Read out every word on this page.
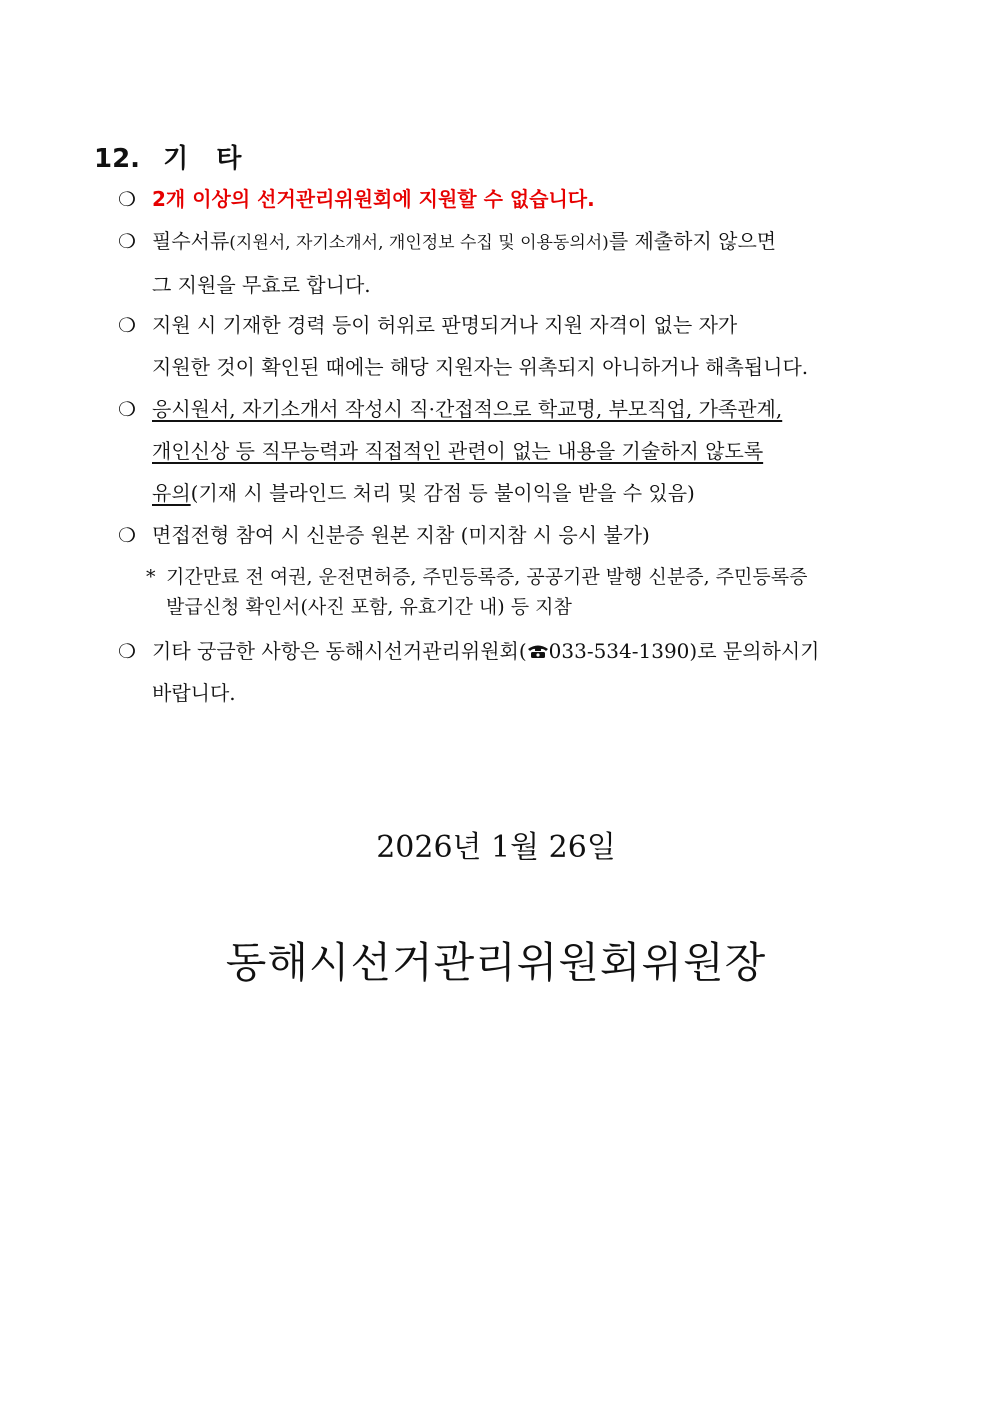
12. 기 타
❍ 2개 이상의 선거관리위원회에 지원할 수 없습니다.
❍ 필수서류(지원서, 자기소개서, 개인정보 수집 및 이용동의서)를 제출하지 않으면
그 지원을 무효로 합니다.
❍ 지원 시 기재한 경력 등이 허위로 판명되거나 지원 자격이 없는 자가
지원한 것이 확인된 때에는 해당 지원자는 위촉되지 아니하거나 해촉됩니다.
❍ 응시원서, 자기소개서 작성시 직·간접적으로 학교명, 부모직업, 가족관계,
개인신상 등 직무능력과 직접적인 관련이 없는 내용을 기술하지 않도록
유의(기재 시 블라인드 처리 및 감점 등 불이익을 받을 수 있음)
❍ 면접전형 참여 시 신분증 원본 지참 (미지참 시 응시 불가)
* 기간만료 전 여권, 운전면허증, 주민등록증, 공공기관 발행 신분증, 주민등록증
발급신청 확인서(사진 포함, 유효기간 내) 등 지참
❍ 기타 궁금한 사항은 동해시선거관리위원회( 033-534-1390)로 문의하시기
바랍니다.
2026년 1월 26일
동해시선거관리위원회위원장
